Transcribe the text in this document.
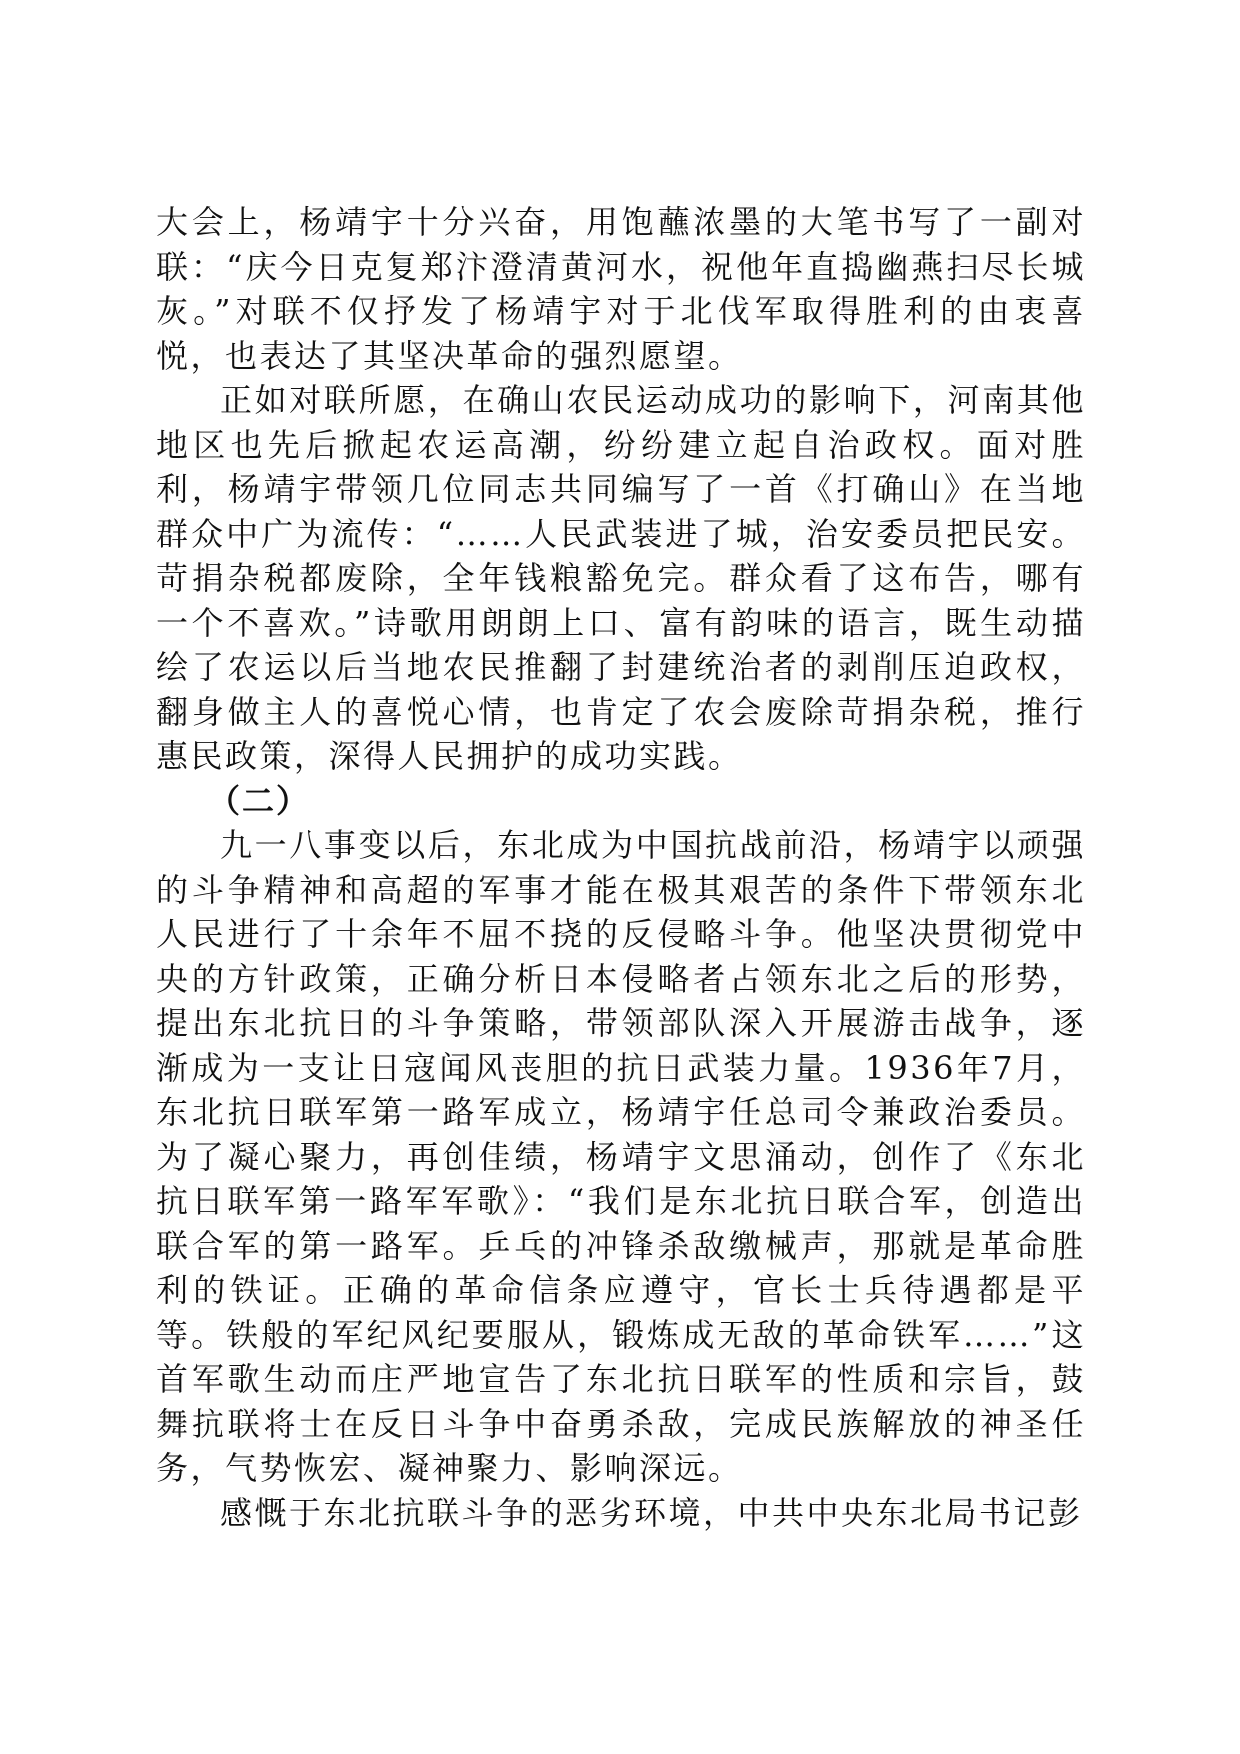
大会上，杨靖宇十分兴奋，用饱蘸浓墨的大笔书写了一副对联：“庆今日克复郑汴澄清黄河水，祝他年直捣幽燕扫尽长城灰。”对联不仅抒发了杨靖宇对于北伐军取得胜利的由衷喜悦，也表达了其坚决革命的强烈愿望。

正如对联所愿，在确山农民运动成功的影响下，河南其他地区也先后掀起农运高潮，纷纷建立起自治政权。面对胜利，杨靖宇带领几位同志共同编写了一首《打确山》在当地群众中广为流传：“……人民武装进了城，治安委员把民安。苛捐杂税都废除，全年钱粮豁免完。群众看了这布告，哪有一个不喜欢。”诗歌用朗朗上口、富有韵味的语言，既生动描绘了农运以后当地农民推翻了封建统治者的剥削压迫政权，翻身做主人的喜悦心情，也肯定了农会废除苛捐杂税，推行惠民政策，深得人民拥护的成功实践。

（二）

九一八事变以后，东北成为中国抗战前沿，杨靖宇以顽强的斗争精神和高超的军事才能在极其艰苦的条件下带领东北人民进行了十余年不屈不挠的反侵略斗争。他坚决贯彻党中央的方针政策，正确分析日本侵略者占领东北之后的形势，提出东北抗日的斗争策略，带领部队深入开展游击战争，逐渐成为一支让日寇闻风丧胆的抗日武装力量。1936年7月，东北抗日联军第一路军成立，杨靖宇任总司令兼政治委员。为了凝心聚力，再创佳绩，杨靖宇文思涌动，创作了《东北抗日联军第一路军军歌》：“我们是东北抗日联合军，创造出联合军的第一路军。乒乓的冲锋杀敌缴械声，那就是革命胜利的铁证。正确的革命信条应遵守，官长士兵待遇都是平等。铁般的军纪风纪要服从，锻炼成无敌的革命铁军……”这首军歌生动而庄严地宣告了东北抗日联军的性质和宗旨，鼓舞抗联将士在反日斗争中奋勇杀敌，完成民族解放的神圣任务，气势恢宏、凝神聚力、影响深远。

感慨于东北抗联斗争的恶劣环境，中共中央东北局书记彭
